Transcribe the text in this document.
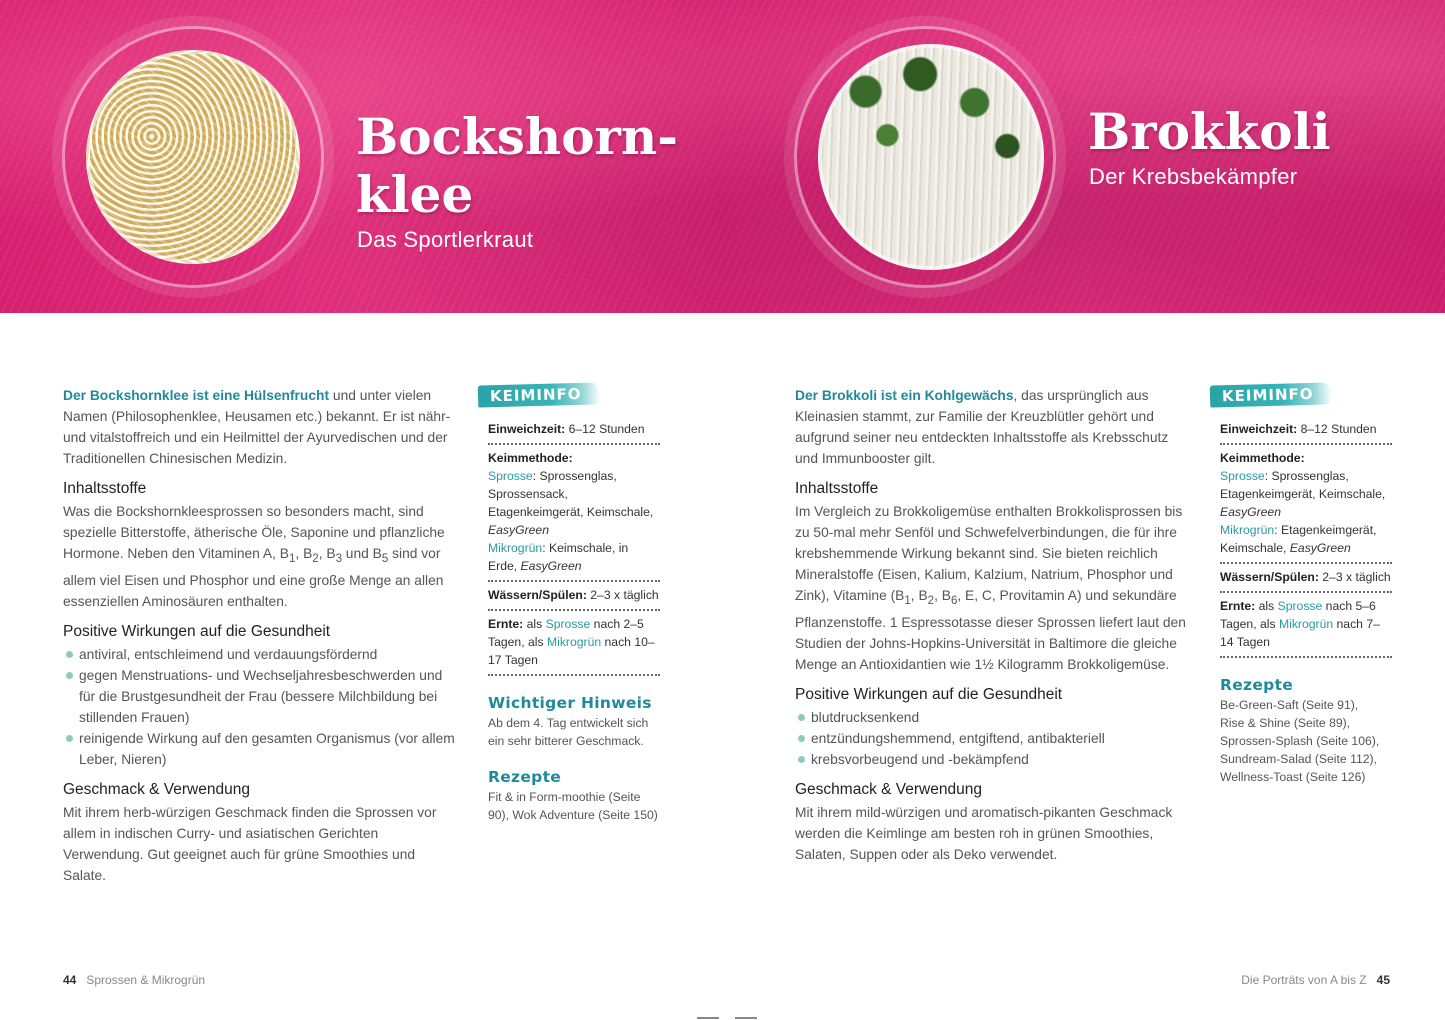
Bockshorn-
klee
Das Sportlerkraut
Brokkoli
Der Krebsbekämpfer

Der Bockshornklee ist eine Hülsenfrucht und unter vielen Namen (Philosophenklee, Heusamen etc.) bekannt. Er ist nähr- und vitalstoffreich und ein Heilmittel der Ayurvedischen und der Traditionellen Chinesischen Medizin.

Inhaltsstoffe

Was die Bockshornkleesprossen so besonders macht, sind spezielle Bitterstoffe, ätherische Öle, Saponine und pflanzliche Hormone. Neben den Vitaminen A, $B_1$, $B_2$, $B_3$ und $B_5$ sind vor allem viel Eisen und Phosphor und eine große Menge an allen essenziellen Aminosäuren enthalten.

Positive Wirkungen auf die Gesundheit
antiviral, entschleimend und verdauungsfördernd
gegen Menstruations- und Wechseljahresbeschwerden und für die Brustgesundheit der Frau (bessere Milchbildung bei stillenden Frauen)
reinigende Wirkung auf den gesamten Organismus (vor allem Leber, Nieren)
Geschmack & Verwendung

Mit ihrem herb-würzigen Geschmack finden die Sprossen vor allem in indischen Curry- und asiatischen Gerichten Verwendung. Gut geeignet auch für grüne Smoothies und Salate.

KEIMINFO
Einweichzeit: 6–12 Stunden
Keimmethode:
Sprosse: Sprossenglas, Sprossensack, Etagenkeimgerät, Keimschale, EasyGreen
Mikrogrün: Keimschale, in Erde, EasyGreen
Wässern/Spülen: 2–3 x täglich
Ernte: als Sprosse nach 2–5 Tagen, als Mikrogrün nach 10–17 Tagen
Wichtiger Hinweis
Ab dem 4. Tag entwickelt sich ein sehr bitterer Geschmack.
Rezepte
Fit & in Form-moothie (Seite 90), Wok Adventure (Seite 150)

Der Brokkoli ist ein Kohlgewächs, das ursprünglich aus Kleinasien stammt, zur Familie der Kreuzblütler gehört und aufgrund seiner neu entdeckten Inhaltsstoffe als Krebsschutz und Immunbooster gilt.

Inhaltsstoffe

Im Vergleich zu Brokkoligemüse enthalten Brokkolisprossen bis zu 50-mal mehr Senföl und Schwefelverbindungen, die für ihre krebshemmende Wirkung bekannt sind. Sie bieten reichlich Mineralstoffe (Eisen, Kalium, Kalzium, Natrium, Phosphor und Zink), Vitamine ($B_1$, $B_2$, $B_6$, E, C, Provitamin A) und sekundäre Pflanzenstoffe. 1 Espressotasse dieser Sprossen liefert laut den Studien der Johns-Hopkins-Universität in Baltimore die gleiche Menge an Antioxidantien wie 1½ Kilogramm Brokkoligemüse.

Positive Wirkungen auf die Gesundheit
blutdrucksenkend
entzündungshemmend, entgiftend, antibakteriell
krebsvorbeugend und -bekämpfend
Geschmack & Verwendung

Mit ihrem mild-würzigen und aromatisch-pikanten Geschmack werden die Keimlinge am besten roh in grünen Smoothies, Salaten, Suppen oder als Deko verwendet.

KEIMINFO
Einweichzeit: 8–12 Stunden
Keimmethode:
Sprosse: Sprossenglas, Etagenkeimgerät, Keimschale, EasyGreen
Mikrogrün: Etagenkeimgerät, Keimschale, EasyGreen
Wässern/Spülen: 2–3 x täglich
Ernte: als Sprosse nach 5–6 Tagen, als Mikrogrün nach 7–14 Tagen
Rezepte
Be-Green-Saft (Seite 91),
Rise & Shine (Seite 89),
Sprossen-Splash (Seite 106),
Sundream-Salad (Seite 112),
Wellness-Toast (Seite 126)
44 Sprossen & Mikrogrün	Die Porträts von A bis Z 45
